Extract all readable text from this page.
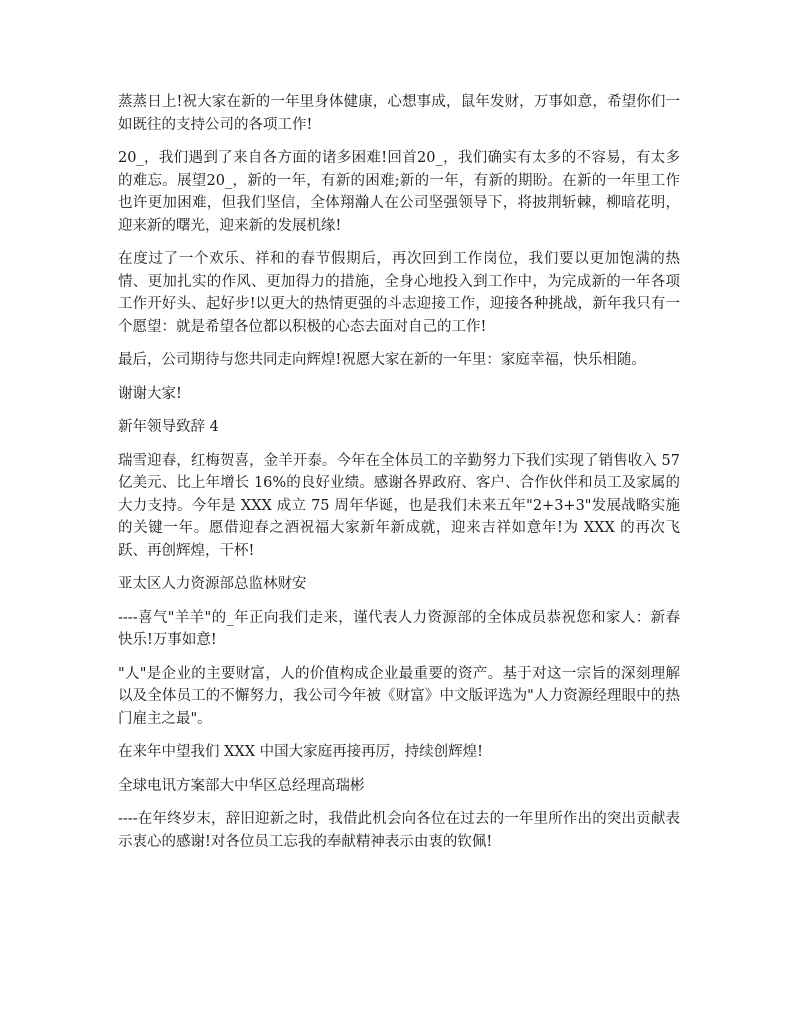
蒸蒸日上!祝大家在新的一年里身体健康，心想事成，鼠年发财，万事如意，希望你们一如既往的支持公司的各项工作!

20_，我们遇到了来自各方面的诸多困难!回首20_，我们确实有太多的不容易，有太多的难忘。展望20_，新的一年，有新的困难;新的一年，有新的期盼。在新的一年里工作也许更加困难，但我们坚信，全体翔瀚人在公司坚强领导下，将披荆斩棘，柳暗花明，迎来新的曙光，迎来新的发展机缘!

在度过了一个欢乐、祥和的春节假期后，再次回到工作岗位，我们要以更加饱满的热情、更加扎实的作风、更加得力的措施，全身心地投入到工作中，为完成新的一年各项工作开好头、起好步!以更大的热情更强的斗志迎接工作，迎接各种挑战，新年我只有一个愿望：就是希望各位都以积极的心态去面对自己的工作!

最后，公司期待与您共同走向辉煌!祝愿大家在新的一年里：家庭幸福，快乐相随。

谢谢大家!

新年领导致辞 4

瑞雪迎春，红梅贺喜，金羊开泰。今年在全体员工的辛勤努力下我们实现了销售收入 57 亿美元、比上年增长 16%的良好业绩。感谢各界政府、客户、合作伙伴和员工及家属的大力支持。今年是 XXX 成立 75 周年华诞，也是我们未来五年"2+3+3"发展战略实施的关键一年。愿借迎春之酒祝福大家新年新成就，迎来吉祥如意年!为 XXX 的再次飞跃、再创辉煌，干杯!

亚太区人力资源部总监林财安

----喜气"羊羊"的_年正向我们走来，谨代表人力资源部的全体成员恭祝您和家人：新春快乐!万事如意!

"人"是企业的主要财富，人的价值构成企业最重要的资产。基于对这一宗旨的深刻理解以及全体员工的不懈努力，我公司今年被《财富》中文版评选为"人力资源经理眼中的热门雇主之最"。

在来年中望我们 XXX 中国大家庭再接再厉，持续创辉煌!

全球电讯方案部大中华区总经理高瑞彬

----在年终岁末，辞旧迎新之时，我借此机会向各位在过去的一年里所作出的突出贡献表示衷心的感谢!对各位员工忘我的奉献精神表示由衷的钦佩!
